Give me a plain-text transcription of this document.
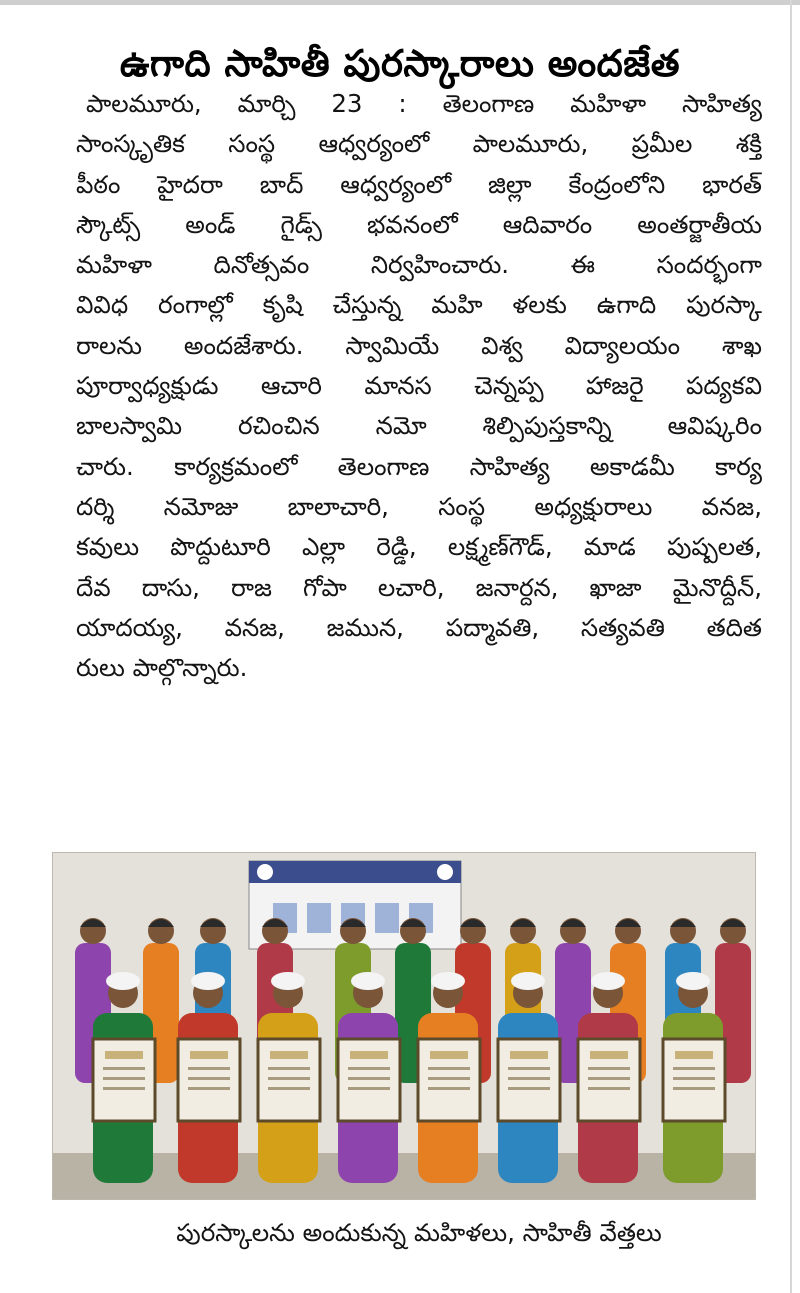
ఉగాది సాహితీ పురస్కారాలు అందజేత
పాలమూరు, మార్చి 23 : తెలంగాణ మహిళా సాహిత్య
సాంస్కృతిక సంస్థ ఆధ్వర్యంలో పాలమూరు, ప్రమీల శక్తి
పీఠం హైదరా బాద్ ఆధ్వర్యంలో జిల్లా కేంద్రంలోని భారత్
స్కౌట్స్ అండ్ గైడ్స్ భవనంలో ఆదివారం అంతర్జాతీయ
మహిళా దినోత్సవం నిర్వహించారు. ఈ సందర్భంగా
వివిధ రంగాల్లో కృషి చేస్తున్న మహి ళలకు ఉగాది పురస్కా
రాలను అందజేశారు. స్వామియే విశ్వ విద్యాలయం శాఖ
పూర్వాధ్యక్షుడు ఆచారి మానస చెన్నప్ప హాజరై పద్యకవి
బాలస్వామి రచించిన నమో శిల్పిపుస్తకాన్ని ఆవిష్కరిం
చారు. కార్యక్రమంలో తెలంగాణ సాహిత్య అకాడమీ కార్య
దర్శి నమోజు బాలాచారి, సంస్థ అధ్యక్షురాలు వనజ,
కవులు పొద్దుటూరి ఎల్లా రెడ్డి, లక్ష్మణ్‌గౌడ్, మాడ పుష్పలత,
దేవ దాసు, రాజ గోపా లచారి, జనార్దన, ఖాజా మైనొద్దీన్,
యాదయ్య, వనజ, జమున, పద్మావతి, సత్యవతి తదిత
రులు పాల్గొన్నారు.
పురస్కాలను అందుకున్న మహిళలు, సాహితీ వేత్తలు
